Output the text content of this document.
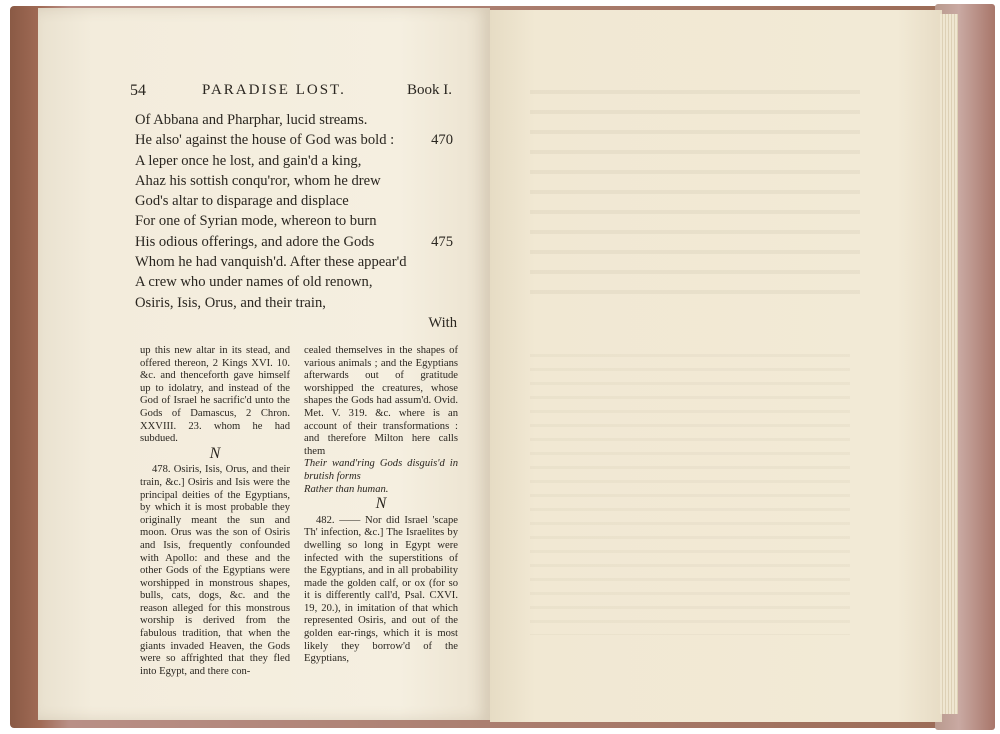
54	PARADISE LOST.	Book I.
Of Abbana and Pharphar, lucid streams.
He also' against the house of God was bold :	470
A leper once he lost, and gain'd a king,
Ahaz his sottish conqu'ror, whom he drew
God's altar to disparage and displace
For one of Syrian mode, whereon to burn
His odious offerings, and adore the Gods	475
Whom he had vanquish'd. After these appear'd
A crew who under names of old renown,
Osiris, Isis, Orus, and their train,
With

up this new altar in its stead, and offered thereon, 2 Kings XVI. 10. &c. and thenceforth gave himself up to idolatry, and instead of the God of Israel he sacrific'd unto the Gods of Damascus, 2 Chron. XXVIII. 23. whom he had subdued.

N

478. Osiris, Isis, Orus, and their train, &c.] Osiris and Isis were the principal deities of the Egyptians, by which it is most probable they originally meant the sun and moon. Orus was the son of Osiris and Isis, frequently confounded with Apollo: and these and the other Gods of the Egyptians were worshipped in monstrous shapes, bulls, cats, dogs, &c. and the reason alleged for this monstrous worship is derived from the fabulous tradition, that when the giants invaded Heaven, the Gods were so affrighted that they fled into Egypt, and there con-

cealed themselves in the shapes of various animals ; and the Egyptians afterwards out of gratitude worshipped the creatures, whose shapes the Gods had assum'd. Ovid. Met. V. 319. &c. where is an account of their transformations : and therefore Milton here calls them

Their wand'ring Gods disguis'd in brutish forms

Rather than human.

N

482. —— Nor did Israel 'scape Th' infection, &c.] The Israelites by dwelling so long in Egypt were infected with the superstitions of the Egyptians, and in all probability made the golden calf, or ox (for so it is differently call'd, Psal. CXVI. 19, 20.), in imitation of that which represented Osiris, and out of the golden ear-rings, which it is most likely they borrow'd of the Egyptians,
